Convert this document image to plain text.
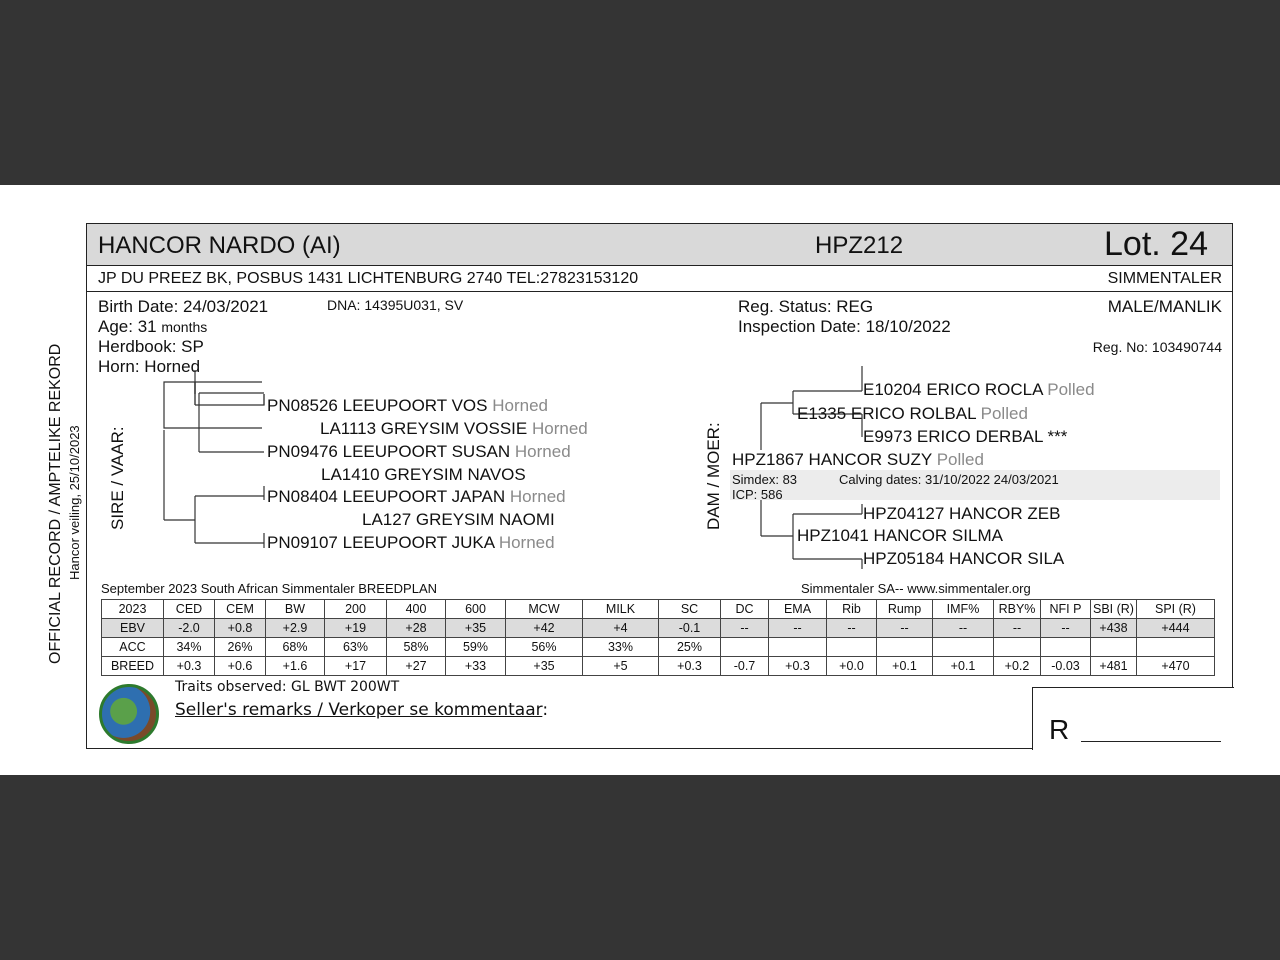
OFFICIAL RECORD / AMPTELIKE REKORD Hancor veiling, 25/10/2023
HANCOR NARDO (AI)	HPZ212	Lot. 24
JP DU PREEZ BK, POSBUS 1431 LICHTENBURG 2740 TEL:27823153120	SIMMENTALER
Birth Date: 24/03/2021	DNA: 14395U031, SV
Age: 31 months
Herdbook: SP
Horn: Horned
Reg. Status: REG
Inspection Date: 18/10/2022
MALE/MANLIK
Reg. No: 103490744
SIRE / VAAR:
PN08526 LEEUPOORT VOS Horned
LA1113 GREYSIM VOSSIE Horned
PN09476 LEEUPOORT SUSAN Horned
LA1410 GREYSIM NAVOS
PN08404 LEEUPOORT JAPAN Horned
LA127 GREYSIM NAOMI
PN09107 LEEUPOORT JUKA Horned
DAM / MOER:
E10204 ERICO ROCLA Polled
E1335 ERICO ROLBAL Polled
E9973 ERICO DERBAL ***
HPZ1867 HANCOR SUZY Polled
Simdex: 83	Calving dates: 31/10/2022 24/03/2021
ICP: 586
HPZ04127 HANCOR ZEB
HPZ1041 HANCOR SILMA
HPZ05184 HANCOR SILA
September 2023 South African Simmentaler BREEDPLAN	Simmentaler SA-- www.simmentaler.org
2023	CED	CEM	BW	200	400	600	MCW	MILK	SC	DC	EMA	Rib	Rump	IMF%	RBY%	NFI P	SBI (R)	SPI (R)
EBV	-2.0	+0.8	+2.9	+19	+28	+35	+42	+4	-0.1	--	--	--	--	--	--	--	+438	+444
ACC	34%	26%	68%	63%	58%	59%	56%	33%	25%									
BREED	+0.3	+0.6	+1.6	+17	+27	+33	+35	+5	+0.3	-0.7	+0.3	+0.0	+0.1	+0.1	+0.2	-0.03	+481	+470
Traits observed: GL BWT 200WT
Seller's remarks / Verkoper se kommentaar:
R
